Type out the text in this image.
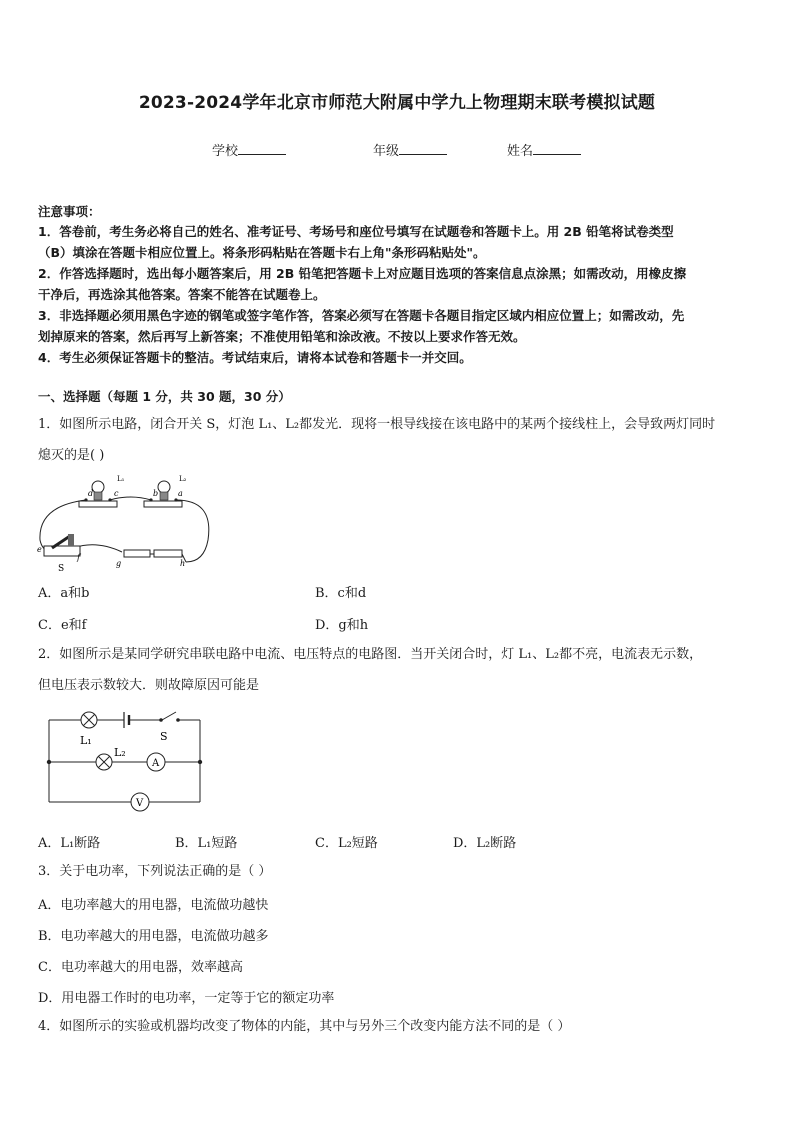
2023-2024学年北京市师范大附属中学九上物理期末联考模拟试题
学校	年级	姓名
注意事项：
1．答卷前，考生务必将自己的姓名、准考证号、考场号和座位号填写在试题卷和答题卡上。用 2B 铅笔将试卷类型
（B）填涂在答题卡相应位置上。将条形码粘贴在答题卡右上角"条形码粘贴处"。
2．作答选择题时，选出每小题答案后，用 2B 铅笔把答题卡上对应题目选项的答案信息点涂黑；如需改动，用橡皮擦
干净后，再选涂其他答案。答案不能答在试题卷上。
3．非选择题必须用黑色字迹的钢笔或签字笔作答，答案必须写在答题卡各题目指定区域内相应位置上；如需改动，先
划掉原来的答案，然后再写上新答案；不准使用铅笔和涂改液。不按以上要求作答无效。
4．考生必须保证答题卡的整洁。考试结束后，请将本试卷和答题卡一并交回。
一、选择题（每题 1 分，共 30 题，30 分）
1．如图所示电路，闭合开关 S，灯泡 L₁、L₂都发光．现将一根导线接在该电路中的某两个接线柱上，会导致两灯同时
熄灭的是( )
L₁	L₂
d	c	b a
e
f
g	h
S
A．a和b	B．c和d
C．e和f	D．g和h
2．如图所示是某同学研究串联电路中电流、电压特点的电路图．当开关闭合时，灯 L₁、L₂都不亮，电流表无示数，
但电压表示数较大．则故障原因可能是
L₁
L₂
S
A
V
A．L₁断路	B．L₁短路	C．L₂短路	D．L₂断路
3．关于电功率，下列说法正确的是（ ）
A．电功率越大的用电器，电流做功越快
B．电功率越大的用电器，电流做功越多
C．电功率越大的用电器，效率越高
D．用电器工作时的电功率，一定等于它的额定功率
4．如图所示的实验或机器均改变了物体的内能，其中与另外三个改变内能方法不同的是（ ）
